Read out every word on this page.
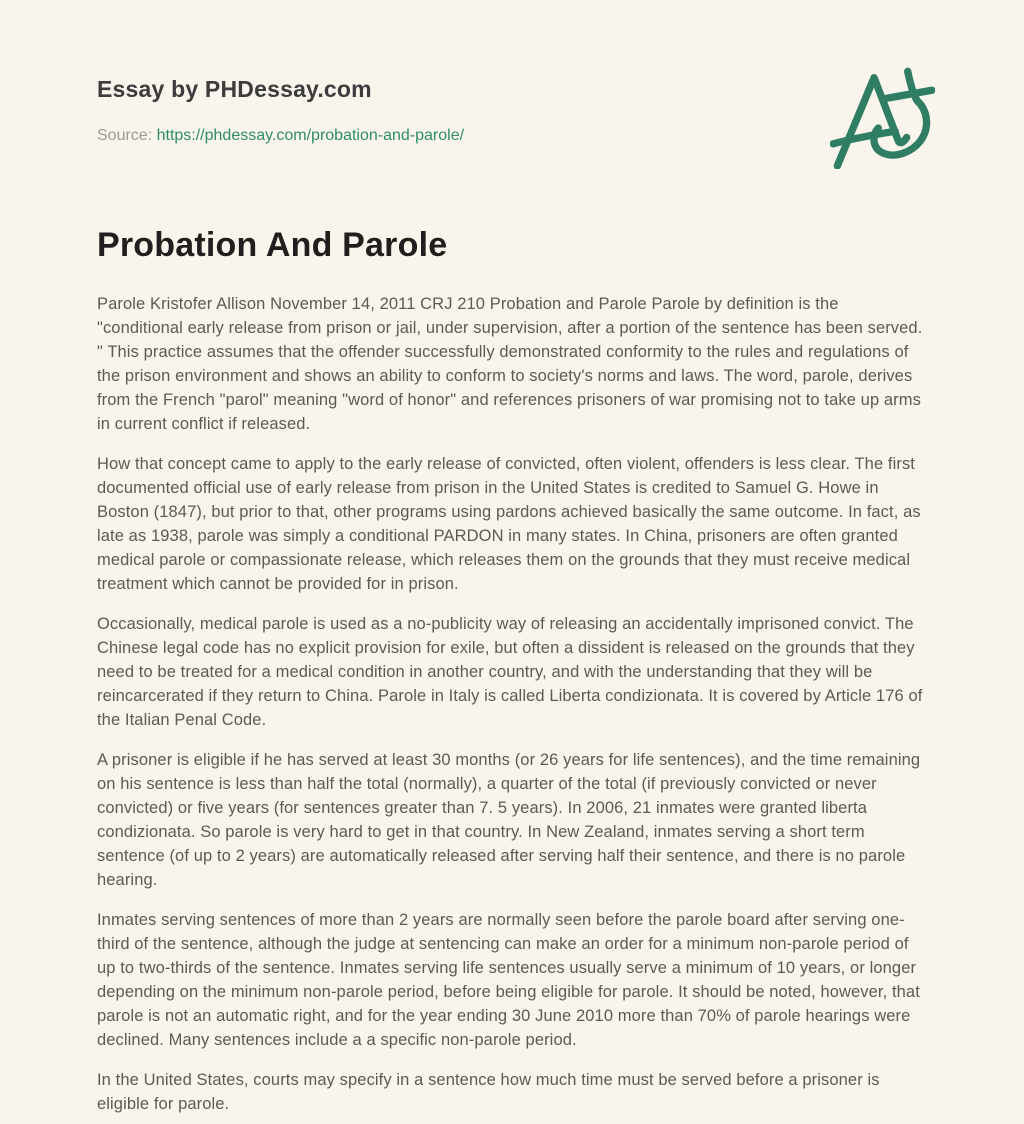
Essay by PHDessay.com
Source: https://phdessay.com/probation-and-parole/
Probation And Parole

Parole Kristofer Allison November 14, 2011 CRJ 210 Probation and Parole Parole by definition is the "conditional early release from prison or jail, under supervision, after a portion of the sentence has been served. " This practice assumes that the offender successfully demonstrated conformity to the rules and regulations of the prison environment and shows an ability to conform to society's norms and laws. The word, parole, derives from the French "parol" meaning "word of honor" and references prisoners of war promising not to take up arms in current conflict if released.

How that concept came to apply to the early release of convicted, often violent, offenders is less clear. The first documented official use of early release from prison in the United States is credited to Samuel G. Howe in Boston (1847), but prior to that, other programs using pardons achieved basically the same outcome. In fact, as late as 1938, parole was simply a conditional PARDON in many states. In China, prisoners are often granted medical parole or compassionate release, which releases them on the grounds that they must receive medical treatment which cannot be provided for in prison.

Occasionally, medical parole is used as a no-publicity way of releasing an accidentally imprisoned convict. The Chinese legal code has no explicit provision for exile, but often a dissident is released on the grounds that they need to be treated for a medical condition in another country, and with the understanding that they will be reincarcerated if they return to China. Parole in Italy is called Liberta condizionata. It is covered by Article 176 of the Italian Penal Code.

A prisoner is eligible if he has served at least 30 months (or 26 years for life sentences), and the time remaining on his sentence is less than half the total (normally), a quarter of the total (if previously convicted or never convicted) or five years (for sentences greater than 7. 5 years). In 2006, 21 inmates were granted liberta condizionata. So parole is very hard to get in that country. In New Zealand, inmates serving a short term sentence (of up to 2 years) are automatically released after serving half their sentence, and there is no parole hearing.

Inmates serving sentences of more than 2 years are normally seen before the parole board after serving one-third of the sentence, although the judge at sentencing can make an order for a minimum non-parole period of up to two-thirds of the sentence. Inmates serving life sentences usually serve a minimum of 10 years, or longer depending on the minimum non-parole period, before being eligible for parole. It should be noted, however, that parole is not an automatic right, and for the year ending 30 June 2010 more than 70% of parole hearings were declined. Many sentences include a a specific non-parole period.

In the United States, courts may specify in a sentence how much time must be served before a prisoner is eligible for parole.
